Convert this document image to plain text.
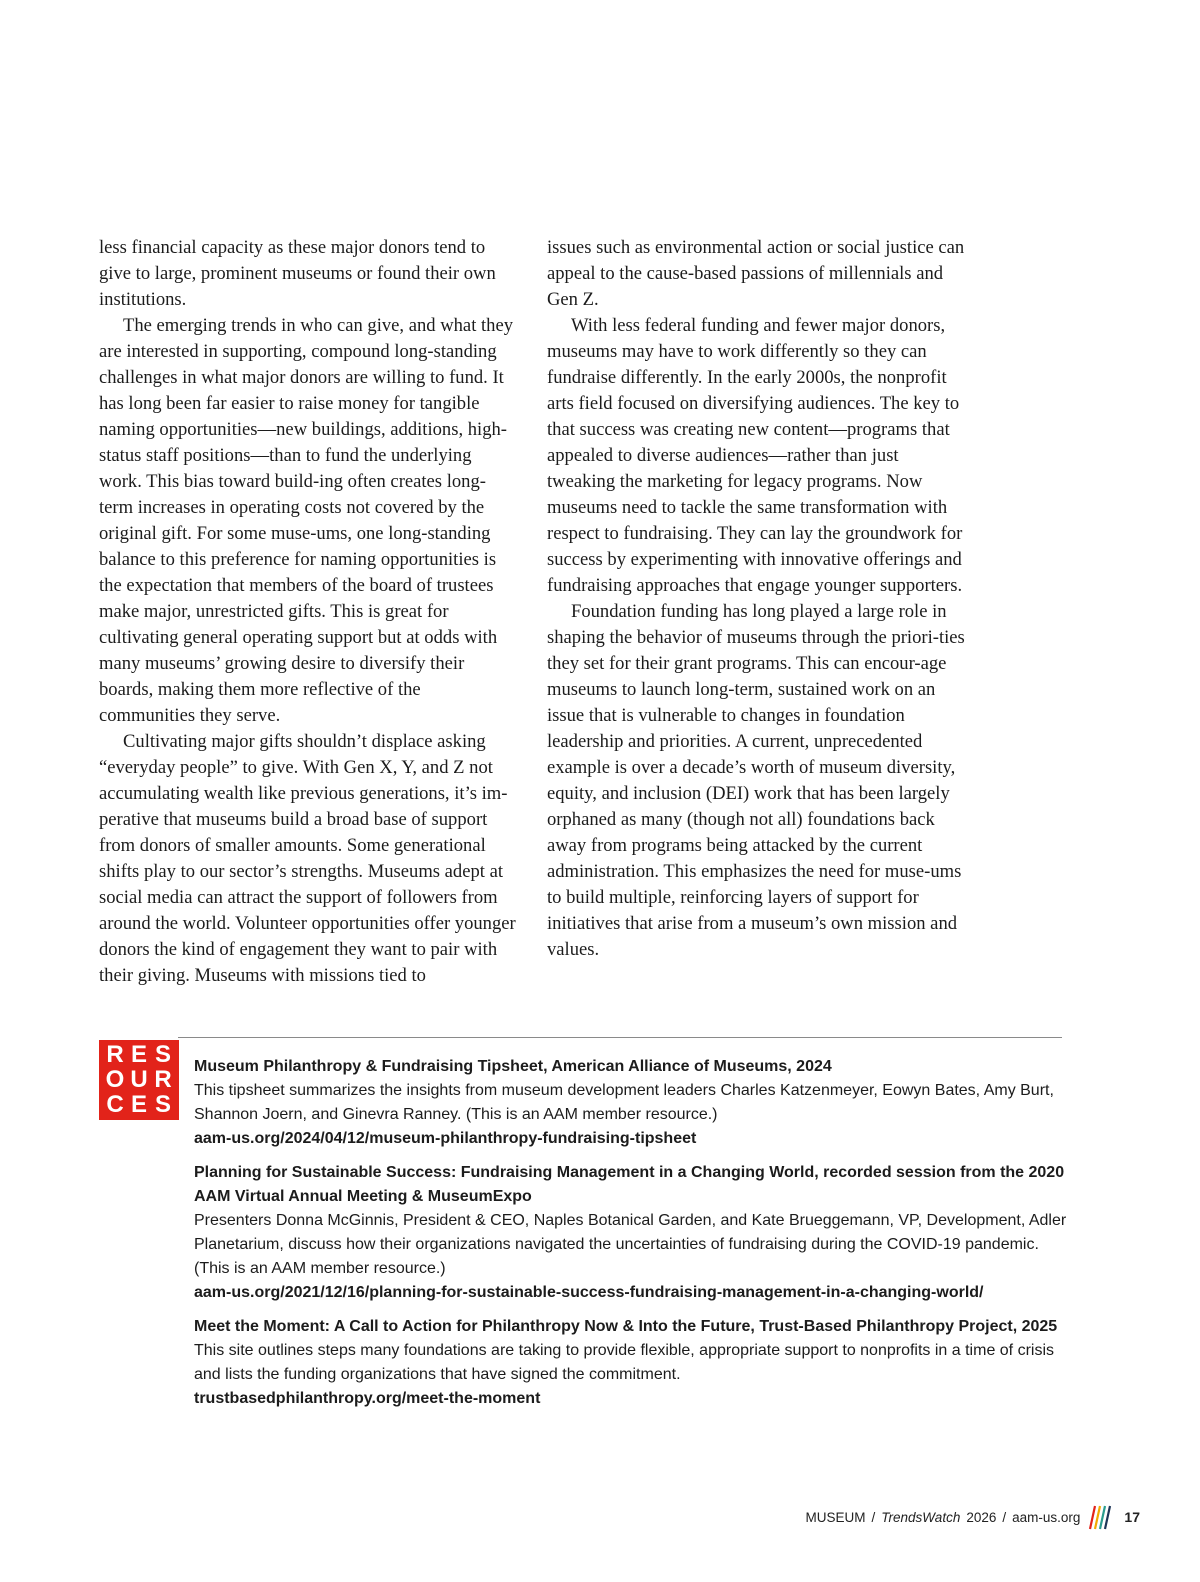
less financial capacity as these major donors tend to give to large, prominent museums or found their own institutions.

The emerging trends in who can give, and what they are interested in supporting, compound long-standing challenges in what major donors are willing to fund. It has long been far easier to raise money for tangible naming opportunities—new buildings, additions, high-status staff positions—than to fund the underlying work. This bias toward build-ing often creates long-term increases in operating costs not covered by the original gift. For some muse-ums, one long-standing balance to this preference for naming opportunities is the expectation that members of the board of trustees make major, unrestricted gifts. This is great for cultivating general operating support but at odds with many museums’ growing desire to diversify their boards, making them more reflective of the communities they serve.

Cultivating major gifts shouldn’t displace asking “everyday people” to give. With Gen X, Y, and Z not accumulating wealth like previous generations, it’s im-perative that museums build a broad base of support from donors of smaller amounts. Some generational shifts play to our sector’s strengths. Museums adept at social media can attract the support of followers from around the world. Volunteer opportunities offer younger donors the kind of engagement they want to pair with their giving. Museums with missions tied to

issues such as environmental action or social justice can appeal to the cause-based passions of millennials and Gen Z.

With less federal funding and fewer major donors, museums may have to work differently so they can fundraise differently. In the early 2000s, the nonprofit arts field focused on diversifying audiences. The key to that success was creating new content—programs that appealed to diverse audiences—rather than just tweaking the marketing for legacy programs. Now museums need to tackle the same transformation with respect to fundraising. They can lay the groundwork for success by experimenting with innovative offerings and fundraising approaches that engage younger supporters.

Foundation funding has long played a large role in shaping the behavior of museums through the priori-ties they set for their grant programs. This can encour-age museums to launch long-term, sustained work on an issue that is vulnerable to changes in foundation leadership and priorities. A current, unprecedented example is over a decade’s worth of museum diversity, equity, and inclusion (DEI) work that has been largely orphaned as many (though not all) foundations back away from programs being attacked by the current administration. This emphasizes the need for muse-ums to build multiple, reinforcing layers of support for initiatives that arise from a museum’s own mission and values.

R E S
O U R
C E S
Museum Philanthropy & Fundraising Tipsheet, American Alliance of Museums, 2024
This tipsheet summarizes the insights from museum development leaders Charles Katzenmeyer, Eowyn Bates, Amy Burt, Shannon Joern, and Ginevra Ranney. (This is an AAM member resource.)
aam-us.org/2024/04/12/museum-philanthropy-fundraising-tipsheet
Planning for Sustainable Success: Fundraising Management in a Changing World, recorded session from the 2020 AAM Virtual Annual Meeting & MuseumExpo
Presenters Donna McGinnis, President & CEO, Naples Botanical Garden, and Kate Brueggemann, VP, Development, Adler Planetarium, discuss how their organizations navigated the uncertainties of fundraising during the COVID-19 pandemic. (This is an AAM member resource.)
aam-us.org/2021/12/16/planning-for-sustainable-success-fundraising-management-in-a-changing-world/
Meet the Moment: A Call to Action for Philanthropy Now & Into the Future, Trust-Based Philanthropy Project, 2025
This site outlines steps many foundations are taking to provide flexible, appropriate support to nonprofits in a time of crisis and lists the funding organizations that have signed the commitment.
trustbasedphilanthropy.org/meet-the-moment
MUSEUM / TrendsWatch 2026 / aam-us.org	17
